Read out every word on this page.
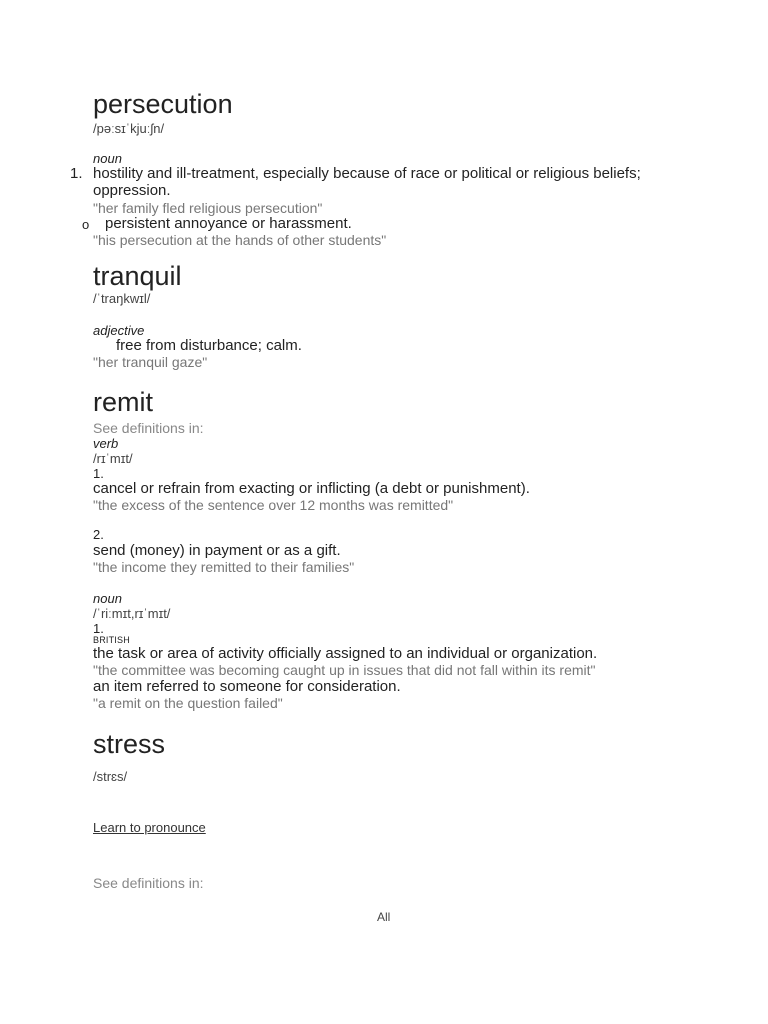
persecution
/pəːsɪˈkjuːʃn/
noun
1. hostility and ill-treatment, especially because of race or political or religious beliefs; oppression.
"her family fled religious persecution"
o persistent annoyance or harassment.
"his persecution at the hands of other students"
tranquil
/ˈtraŋkwɪl/
adjective
free from disturbance; calm.
"her tranquil gaze"
remit
See definitions in:
verb
/rɪˈmɪt/
1.
cancel or refrain from exacting or inflicting (a debt or punishment).
"the excess of the sentence over 12 months was remitted"
2.
send (money) in payment or as a gift.
"the income they remitted to their families"
noun
/ˈriːmɪt,rɪˈmɪt/
1.
BRITISH
the task or area of activity officially assigned to an individual or organization.
"the committee was becoming caught up in issues that did not fall within its remit"
an item referred to someone for consideration.
"a remit on the question failed"
stress
/strɛs/
Learn to pronounce
See definitions in:
All
